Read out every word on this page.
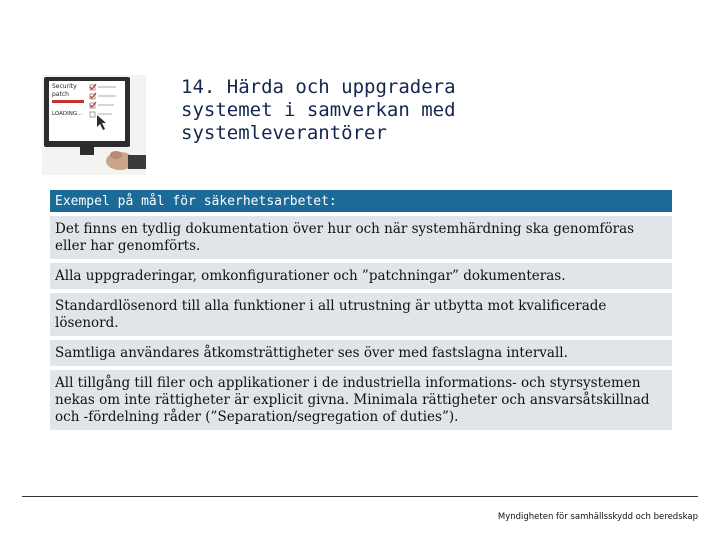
Security
patch
LOADING...
14. Härda och uppgradera
systemet i samverkan med
systemleverantörer
Exempel på mål för säkerhetsarbetet:
Det finns en tydlig dokumentation över hur och när systemhärdning ska genomföras eller har genomförts.
Alla uppgraderingar, omkonfigurationer och ”patchningar” dokumenteras.
Standardlösenord till alla funktioner i all utrustning är utbytta mot kvalificerade lösenord.
Samtliga användares åtkomsträttigheter ses över med fastslagna intervall.
All tillgång till filer och applikationer i de industriella informations- och styrsystemen nekas om inte rättigheter är explicit givna. Minimala rättigheter och ansvarsåtskillnad och -fördelning råder (”Separation/segregation of duties”).
Myndigheten för samhällsskydd och beredskap
